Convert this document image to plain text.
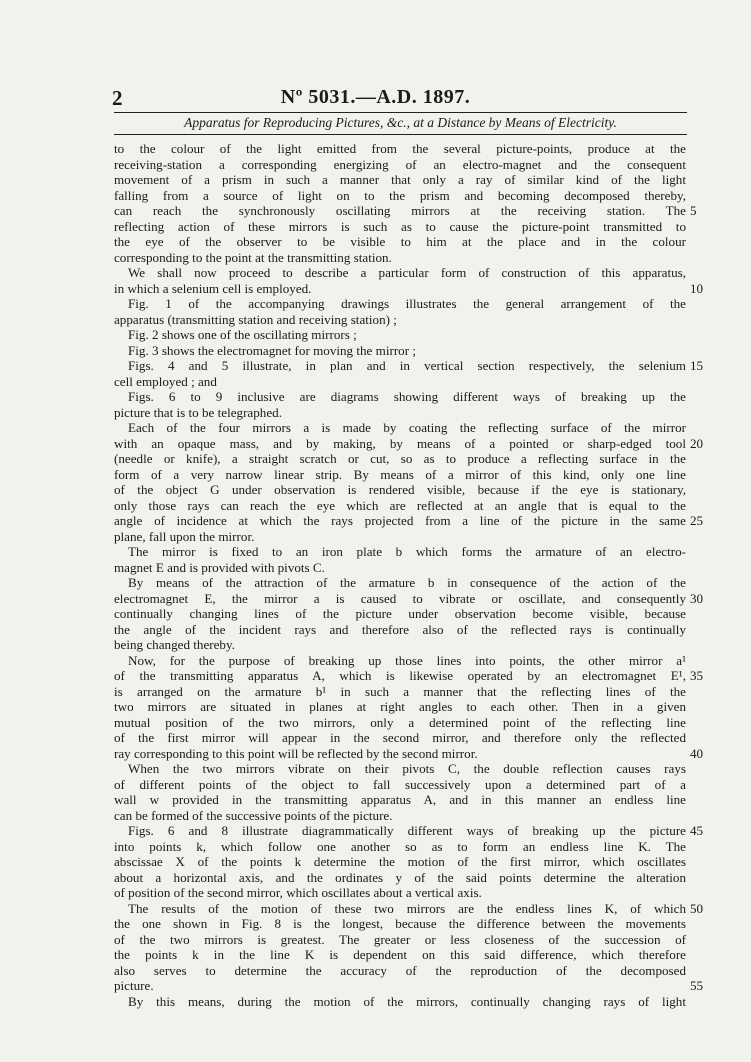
2	Nº 5031.—A.D. 1897.
Apparatus for Reproducing Pictures, &c., at a Distance by Means of Electricity.
to the colour of the light emitted from the several picture-points, produce at the
receiving-station a corresponding energizing of an electro-magnet and the consequent
movement of a prism in such a manner that only a ray of similar kind of the light
falling from a source of light on to the prism and becoming decomposed thereby,
can reach the synchronously oscillating mirrors at the receiving station. The
reflecting action of these mirrors is such as to cause the picture-point transmitted to
the eye of the observer to be visible to him at the place and in the colour
corresponding to the point at the transmitting station.
We shall now proceed to describe a particular form of construction of this apparatus,
in which a selenium cell is employed.
Fig. 1 of the accompanying drawings illustrates the general arrangement of the
apparatus (transmitting station and receiving station) ;
Fig. 2 shows one of the oscillating mirrors ;
Fig. 3 shows the electromagnet for moving the mirror ;
Figs. 4 and 5 illustrate, in plan and in vertical section respectively, the selenium
cell employed ; and
Figs. 6 to 9 inclusive are diagrams showing different ways of breaking up the
picture that is to be telegraphed.
Each of the four mirrors a is made by coating the reflecting surface of the mirror
with an opaque mass, and by making, by means of a pointed or sharp-edged tool
(needle or knife), a straight scratch or cut, so as to produce a reflecting surface in the
form of a very narrow linear strip. By means of a mirror of this kind, only one line
of the object G under observation is rendered visible, because if the eye is stationary,
only those rays can reach the eye which are reflected at an angle that is equal to the
angle of incidence at which the rays projected from a line of the picture in the same
plane, fall upon the mirror.
The mirror is fixed to an iron plate b which forms the armature of an electro-
magnet E and is provided with pivots C.
By means of the attraction of the armature b in consequence of the action of the
electromagnet E, the mirror a is caused to vibrate or oscillate, and consequently
continually changing lines of the picture under observation become visible, because
the angle of the incident rays and therefore also of the reflected rays is continually
being changed thereby.
Now, for the purpose of breaking up those lines into points, the other mirror a¹
of the transmitting apparatus A, which is likewise operated by an electromagnet E¹,
is arranged on the armature b¹ in such a manner that the reflecting lines of the
two mirrors are situated in planes at right angles to each other. Then in a given
mutual position of the two mirrors, only a determined point of the reflecting line
of the first mirror will appear in the second mirror, and therefore only the reflected
ray corresponding to this point will be reflected by the second mirror.
When the two mirrors vibrate on their pivots C, the double reflection causes rays
of different points of the object to fall successively upon a determined part of a
wall w provided in the transmitting apparatus A, and in this manner an endless line
can be formed of the successive points of the picture.
Figs. 6 and 8 illustrate diagrammatically different ways of breaking up the picture
into points k, which follow one another so as to form an endless line K. The
abscissae X of the points k determine the motion of the first mirror, which oscillates
about a horizontal axis, and the ordinates y of the said points determine the alteration
of position of the second mirror, which oscillates about a vertical axis.
The results of the motion of these two mirrors are the endless lines K, of which
the one shown in Fig. 8 is the longest, because the difference between the movements
of the two mirrors is greatest. The greater or less closeness of the succession of
the points k in the line K is dependent on this said difference, which therefore
also serves to determine the accuracy of the reproduction of the decomposed
picture.
By this means, during the motion of the mirrors, continually changing rays of light
5
10
15
20
25
30
35
40
45
50
55
